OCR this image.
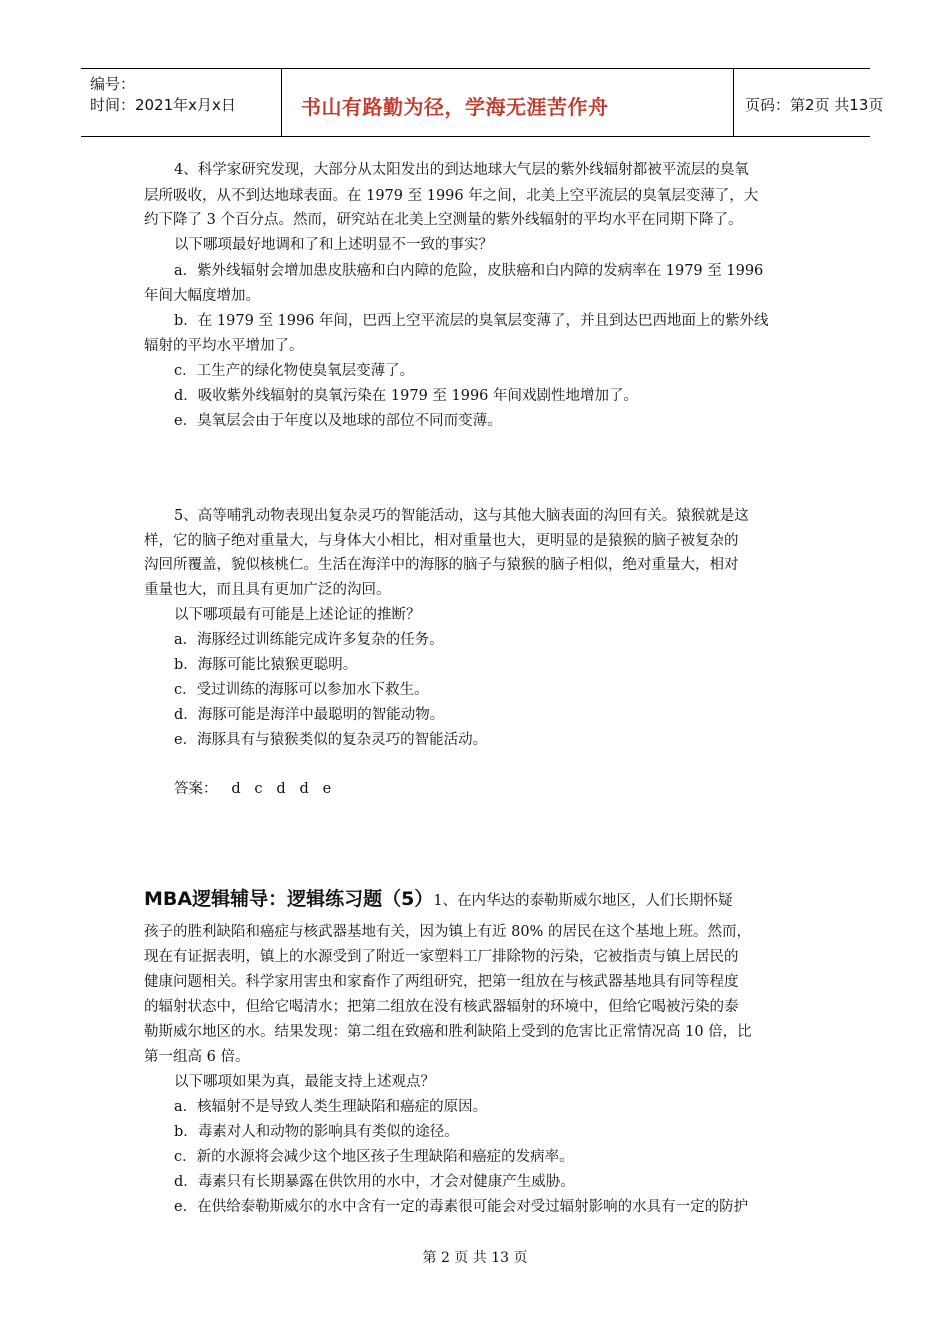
编号：
时间：2021年x月x日	书山有路勤为径，学海无涯苦作舟	页码：第2页 共13页
4、科学家研究发现，大部分从太阳发出的到达地球大气层的紫外线辐射都被平流层的臭氧
层所吸收，从不到达地球表面。在 1979 至 1996 年之间，北美上空平流层的臭氧层变薄了，大
约下降了 3 个百分点。然而，研究站在北美上空测量的紫外线辐射的平均水平在同期下降了。
以下哪项最好地调和了和上述明显不一致的事实？
a．紫外线辐射会增加患皮肤癌和白内障的危险，皮肤癌和白内障的发病率在 1979 至 1996
年间大幅度增加。
b．在 1979 至 1996 年间，巴西上空平流层的臭氧层变薄了，并且到达巴西地面上的紫外线
辐射的平均水平增加了。
c．工生产的绿化物使臭氧层变薄了。
d．吸收紫外线辐射的臭氧污染在 1979 至 1996 年间戏剧性地增加了。
e．臭氧层会由于年度以及地球的部位不同而变薄。
5、高等哺乳动物表现出复杂灵巧的智能活动，这与其他大脑表面的沟回有关。猿猴就是这
样，它的脑子绝对重量大，与身体大小相比，相对重量也大，更明显的是猿猴的脑子被复杂的
沟回所覆盖，貌似核桃仁。生活在海洋中的海豚的脑子与猿猴的脑子相似，绝对重量大，相对
重量也大，而且具有更加广泛的沟回。
以下哪项最有可能是上述论证的推断？
a．海豚经过训练能完成许多复杂的任务。
b．海豚可能比猿猴更聪明。
c．受过训练的海豚可以参加水下救生。
d．海豚可能是海洋中最聪明的智能动物。
e．海豚具有与猿猴类似的复杂灵巧的智能活动。
答案：   d   c   d   d   e
MBA逻辑辅导：逻辑练习题（5）1、在内华达的泰勒斯威尔地区，人们长期怀疑
孩子的胜利缺陷和癌症与核武器基地有关，因为镇上有近 80% 的居民在这个基地上班。然而，
现在有证据表明，镇上的水源受到了附近一家塑料工厂排除物的污染，它被指责与镇上居民的
健康问题相关。科学家用害虫和家畜作了两组研究，把第一组放在与核武器基地具有同等程度
的辐射状态中，但给它喝清水；把第二组放在没有核武器辐射的环境中，但给它喝被污染的泰
勒斯威尔地区的水。结果发现：第二组在致癌和胜利缺陷上受到的危害比正常情况高 10 倍，比
第一组高 6 倍。
以下哪项如果为真，最能支持上述观点？
a．核辐射不是导致人类生理缺陷和癌症的原因。
b．毒素对人和动物的影响具有类似的途径。
c．新的水源将会减少这个地区孩子生理缺陷和癌症的发病率。
d．毒素只有长期暴露在供饮用的水中，才会对健康产生威胁。
e．在供给泰勒斯威尔的水中含有一定的毒素很可能会对受过辐射影响的水具有一定的防护
第 2 页 共 13 页
